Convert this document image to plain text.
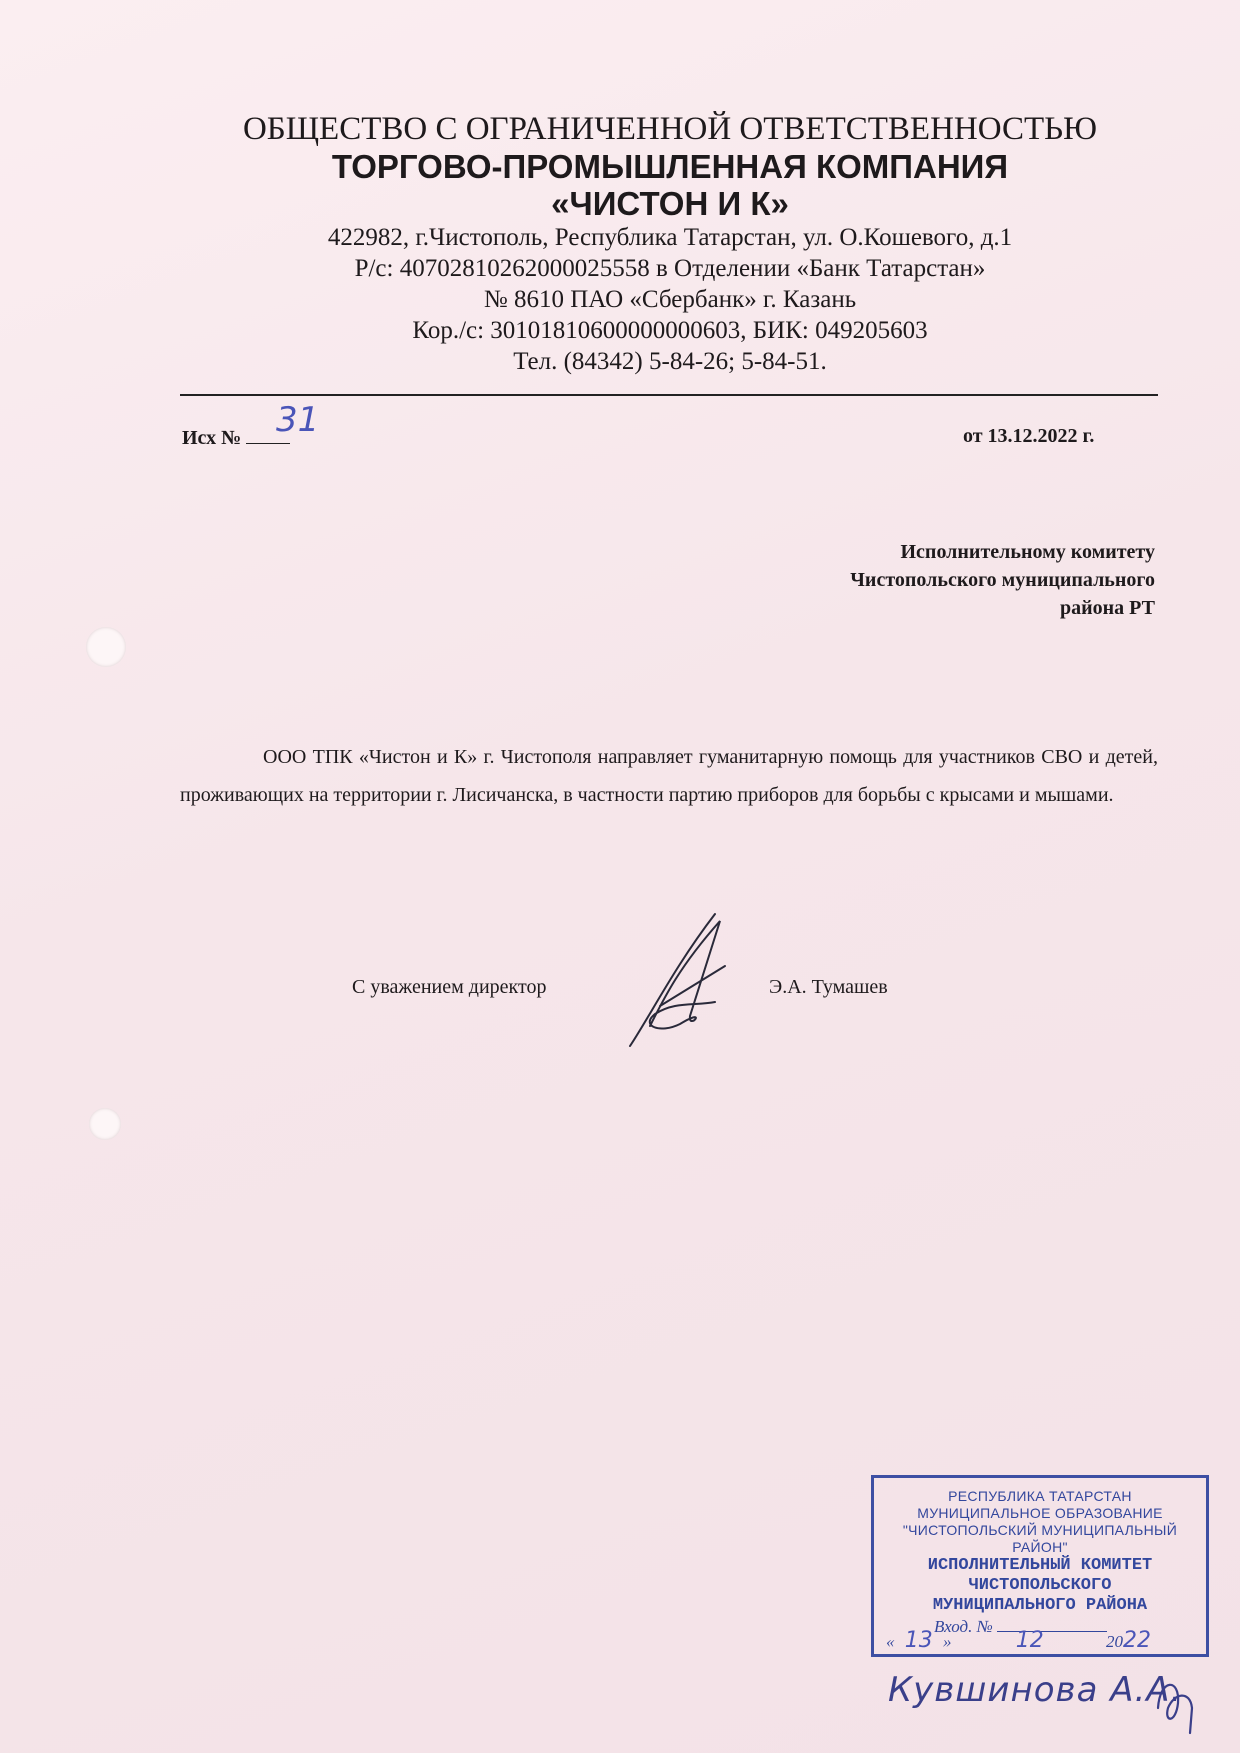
ОБЩЕСТВО С ОГРАНИЧЕННОЙ ОТВЕТСТВЕННОСТЬЮ
ТОРГОВО-ПРОМЫШЛЕННАЯ КОМПАНИЯ
«ЧИСТОН И К»
422982, г.Чистополь, Республика Татарстан, ул. О.Кошевого, д.1
Р/с: 40702810262000025558 в Отделении «Банк Татарстан»
№ 8610 ПАО «Сбербанк» г. Казань
Кор./с: 30101810600000000603, БИК: 049205603
Тел. (84342) 5-84-26; 5-84-51.
Исх №	31	от 13.12.2022 г.
Исполнительному комитету
Чистопольского муниципального
района РТ
ООО ТПК «Чистон и К» г. Чистополя направляет гуманитарную помощь для участников СВО и детей, проживающих на территории г. Лисичанска, в частности партию приборов для борьбы с крысами и мышами.
С уважением директор	Э.А. Тумашев
РЕСПУБЛИКА ТАТАРСТАН
МУНИЦИПАЛЬНОЕ ОБРАЗОВАНИЕ
"ЧИСТОПОЛЬСКИЙ МУНИЦИПАЛЬНЫЙ РАЙОН"
ИСПОЛНИТЕЛЬНЫЙ КОМИТЕТ
ЧИСТОПОЛЬСКОГО
МУНИЦИПАЛЬНОГО РАЙОНА
Вход. №
« 13 »	12	2022
Кувшинова А.А.
